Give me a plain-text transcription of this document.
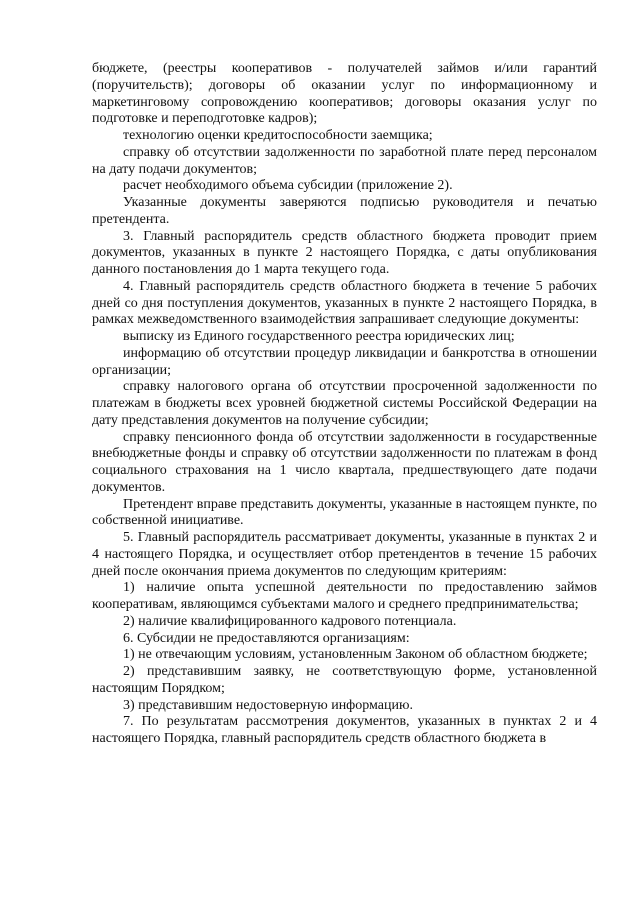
бюджете, (реестры кооперативов - получателей займов и/или гарантий (поручительств); договоры об оказании услуг по информационному и маркетинговому сопровождению кооперативов; договоры оказания услуг по подготовке и переподготовке кадров);

технологию оценки кредитоспособности заемщика;

справку об отсутствии задолженности по заработной плате перед персоналом на дату подачи документов;

расчет необходимого объема субсидии (приложение 2).

Указанные документы заверяются подписью руководителя и печатью претендента.

3. Главный распорядитель средств областного бюджета проводит прием документов, указанных в пункте 2 настоящего Порядка, с даты опубликования данного постановления до 1 марта текущего года.

4. Главный распорядитель средств областного бюджета в течение 5 рабочих дней со дня поступления документов, указанных в пункте 2 настоящего Порядка, в рамках межведомственного взаимодействия запрашивает следующие документы:

выписку из Единого государственного реестра юридических лиц;

информацию об отсутствии процедур ликвидации и банкротства в отношении организации;

справку налогового органа об отсутствии просроченной задолженности по платежам в бюджеты всех уровней бюджетной системы Российской Федерации на дату представления документов на получение субсидии;

справку пенсионного фонда об отсутствии задолженности в государственные внебюджетные фонды и справку об отсутствии задолженности по платежам в фонд социального страхования на 1 число квартала, предшествующего дате подачи документов.

Претендент вправе представить документы, указанные в настоящем пункте, по собственной инициативе.

5. Главный распорядитель рассматривает документы, указанные в пунктах 2 и 4 настоящего Порядка, и осуществляет отбор претендентов в течение 15 рабочих дней после окончания приема документов по следующим критериям:

1) наличие опыта успешной деятельности по предоставлению займов кооперативам, являющимся субъектами малого и среднего предпринимательства;

2) наличие квалифицированного кадрового потенциала.

6. Субсидии не предоставляются организациям:

1) не отвечающим условиям, установленным Законом об областном бюджете;

2) представившим заявку, не соответствующую форме, установленной настоящим Порядком;

3) представившим недостоверную информацию.

7. По результатам рассмотрения документов, указанных в пунктах 2 и 4 настоящего Порядка, главный распорядитель средств областного бюджета в
